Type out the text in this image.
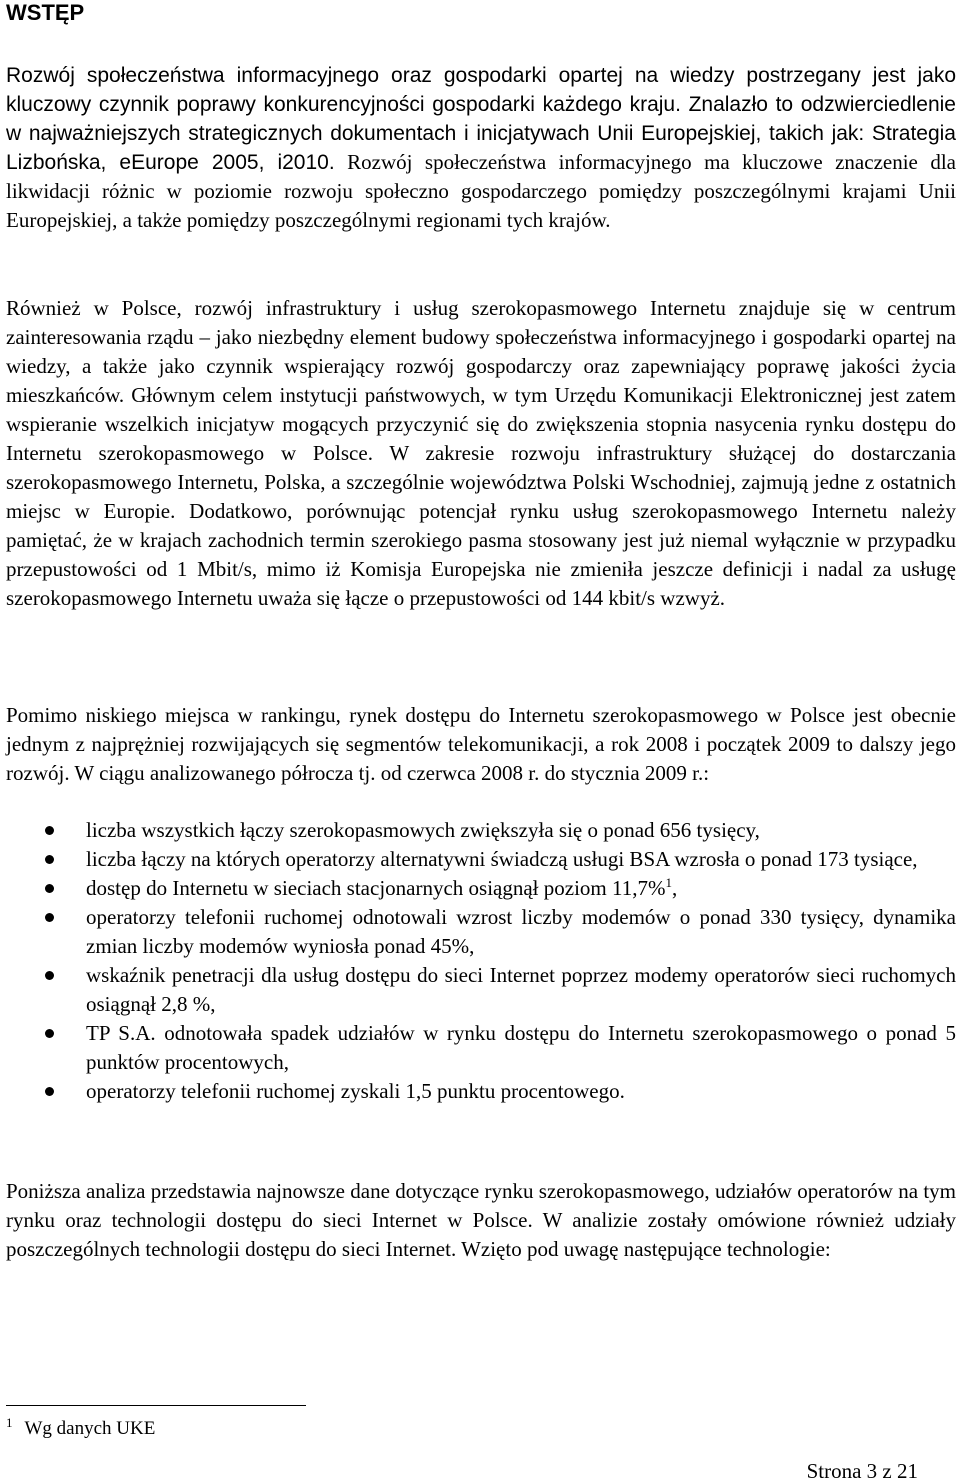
WSTĘP

Rozwój społeczeństwa informacyjnego oraz gospodarki opartej na wiedzy postrzegany jest jako kluczowy czynnik poprawy konkurencyjności gospodarki każdego kraju. Znalazło to odzwierciedlenie w najważniejszych strategicznych dokumentach i inicjatywach Unii Europejskiej, takich jak: Strategia Lizbońska, eEurope 2005, i2010. Rozwój społeczeństwa informacyjnego ma kluczowe znaczenie dla likwidacji różnic w poziomie rozwoju społeczno gospodarczego pomiędzy poszczególnymi krajami Unii Europejskiej, a także pomiędzy poszczególnymi regionami tych krajów.

Również w Polsce, rozwój infrastruktury i usług szerokopasmowego Internetu znajduje się w centrum zainteresowania rządu – jako niezbędny element budowy społeczeństwa informacyjnego i gospodarki opartej na wiedzy, a także jako czynnik wspierający rozwój gospodarczy oraz zapewniający poprawę jakości życia mieszkańców. Głównym celem instytucji państwowych, w tym Urzędu Komunikacji Elektronicznej jest zatem wspieranie wszelkich inicjatyw mogących przyczynić się do zwiększenia stopnia nasycenia rynku dostępu do Internetu szerokopasmowego w Polsce. W zakresie rozwoju infrastruktury służącej do dostarczania szerokopasmowego Internetu, Polska, a szczególnie województwa Polski Wschodniej, zajmują jedne z ostatnich miejsc w Europie. Dodatkowo, porównując potencjał rynku usług szerokopasmowego Internetu należy pamiętać, że w krajach zachodnich termin szerokiego pasma stosowany jest już niemal wyłącznie w przypadku przepustowości od 1 Mbit/s, mimo iż Komisja Europejska nie zmieniła jeszcze definicji i nadal za usługę szerokopasmowego Internetu uważa się łącze o przepustowości od 144 kbit/s wzwyż.

Pomimo niskiego miejsca w rankingu, rynek dostępu do Internetu szerokopasmowego w Polsce jest obecnie jednym z najprężniej rozwijających się segmentów telekomunikacji, a rok 2008 i początek 2009 to dalszy jego rozwój. W ciągu analizowanego półrocza tj. od czerwca 2008 r. do stycznia 2009 r.:

liczba wszystkich łączy szerokopasmowych zwiększyła się o ponad 656 tysięcy,
liczba łączy na których operatorzy alternatywni świadczą usługi BSA wzrosła o ponad 173 tysiące,
dostęp do Internetu w sieciach stacjonarnych osiągnął poziom 11,7%$^1$,
operatorzy telefonii ruchomej odnotowali wzrost liczby modemów o ponad 330 tysięcy, dynamika zmian liczby modemów wyniosła ponad 45%,
wskaźnik penetracji dla usług dostępu do sieci Internet poprzez modemy operatorów sieci ruchomych osiągnął 2,8 %,
TP S.A. odnotowała spadek udziałów w rynku dostępu do Internetu szerokopasmowego o ponad 5 punktów procentowych,
operatorzy telefonii ruchomej zyskali 1,5 punktu procentowego.

Poniższa analiza przedstawia najnowsze dane dotyczące rynku szerokopasmowego, udziałów operatorów na tym rynku oraz technologii dostępu do sieci Internet w Polsce. W analizie zostały omówione również udziały poszczególnych technologii dostępu do sieci Internet. Wzięto pod uwagę następujące technologie:

$^1$ Wg danych UKE

Strona 3 z 21
